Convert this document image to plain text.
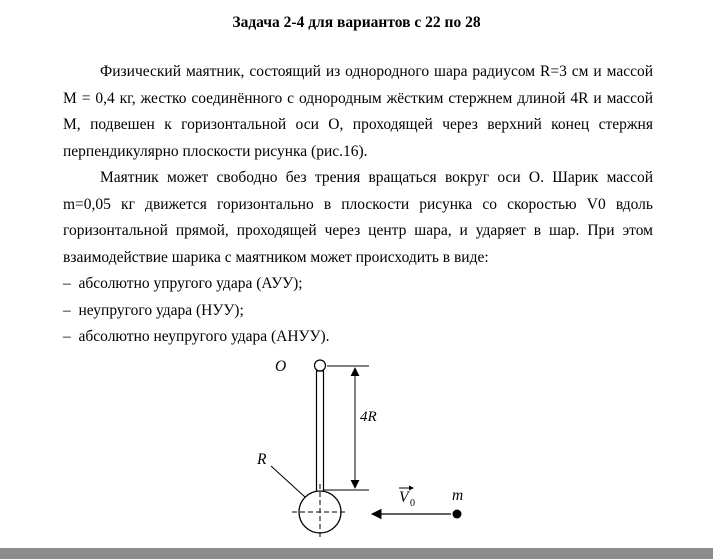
Задача 2-4 для вариантов с 22 по 28

Физический маятник, состоящий из однородного шара радиусом R=3 см и массой M = 0,4 кг, жестко соединённого с однородным жёстким стержнем длиной 4R и массой M, подвешен к горизонтальной оси О, проходящей через верхний конец стержня перпендикулярно плоскости рисунка (рис.16).

Маятник может свободно без трения вращаться вокруг оси О. Шарик массой m=0,05 кг движется горизонтально в плоскости рисунка со скоростью V0 вдоль горизонтальной прямой, проходящей через центр шара, и ударяет в шар. При этом взаимодействие шарика с маятником может происходить в виде:

–  абсолютно упругого удара (АУУ);
–  неупругого удара (НУУ);
–  абсолютно неупругого удара (АНУУ).
O
4R
R
V 0 m
